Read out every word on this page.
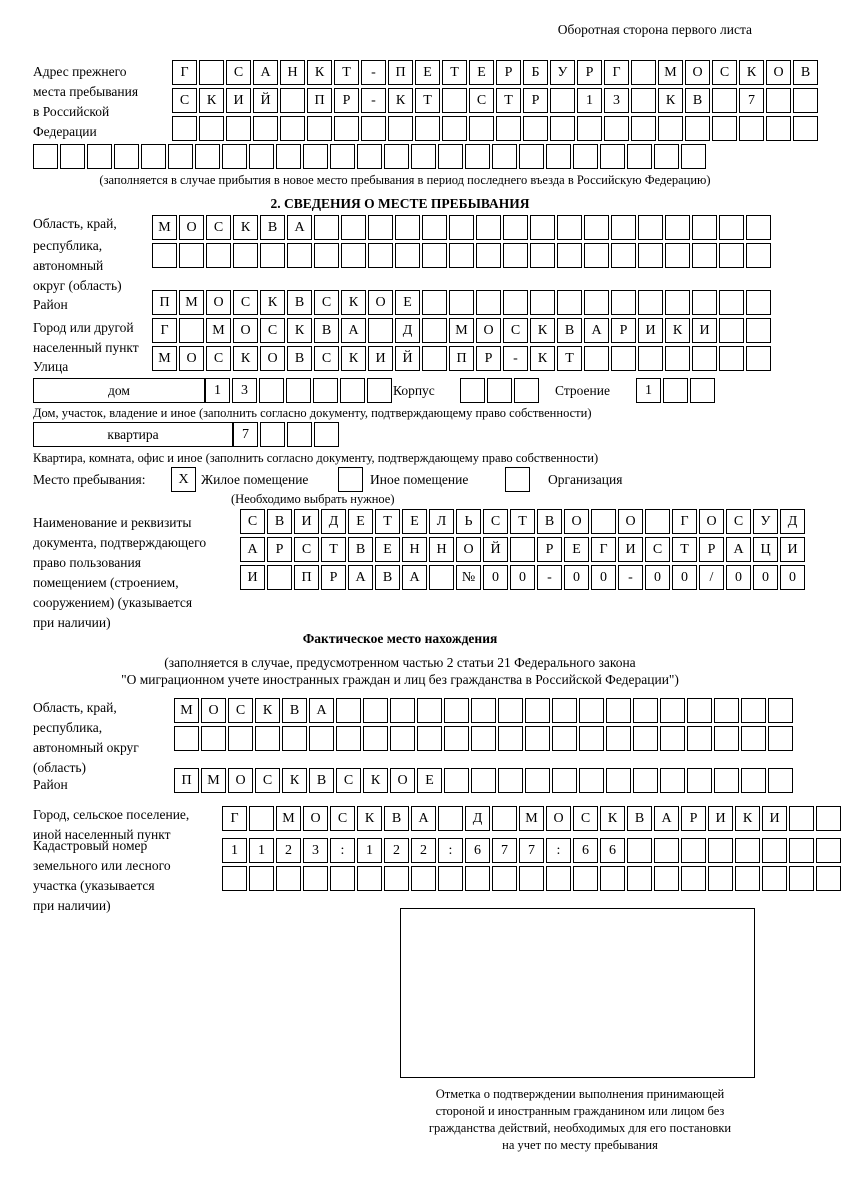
Оборотная сторона первого листа
Адрес прежнего
места пребывания
в Российской
Федерации
Г	С	А	Н	К	Т	-	П	Е	Т	Е	Р	Б	У	Р	Г	М	О	С	К	О	В
С	К	И	Й	П	Р	-	К	Т	С	Т	Р	1	3	К	В	7
(заполняется в случае прибытия в новое место пребывания в период последнего въезда в Российскую Федерацию)
2. СВЕДЕНИЯ О МЕСТЕ ПРЕБЫВАНИЯ
Область, край,
республика,
автономный
округ (область)
М	О	С	К	В	А
Район	П	М	О	С	К	В	С	К	О	Е
Город или другой
населенный пункт
Г	М	О	С	К	В	А	Д	М	О	С	К	В	А	Р	И	К	И
Улица
М	О	С	К	О	В	С	К	И	Й	П	Р	-	К	Т
дом	1	3	Корпус	Строение	1
Дом, участок, владение и иное (заполнить согласно документу, подтверждающему право собственности)
квартира	7
Квартира, комната, офис и иное (заполнить согласно документу, подтверждающему право собственности)
Место пребывания:	X Жилое помещение	Иное помещение	Организация
(Необходимо выбрать нужное)
Наименование и реквизиты
документа, подтверждающего
право пользования
помещением (строением,
сооружением) (указывается
при наличии)
С	В	И	Д	Е	Т	Е	Л	Ь	С	Т	В	О	О	Г	О	С	У	Д
А	Р	С	Т	В	Е	Н	Н	О	Й	Р	Е	Г	И	С	Т	Р	А	Ц	И
И	П	Р	А	В	А	№	0	0	-	0	0	-	0	0	/	0	0	0
Фактическое место нахождения
(заполняется в случае, предусмотренном частью 2 статьи 21 Федерального закона
"О миграционном учете иностранных граждан и лиц без гражданства в Российской Федерации")
Область, край,
республика,
автономный округ
(область)
М	О	С	К	В	А
Район	П	М	О	С	К	В	С	К	О	Е
Город, сельское поселение,
иной населенный пункт
Г	М	О	С	К	В	А	Д	М	О	С	К	В	А	Р	И	К	И
Кадастровый номер
земельного или лесного
участка (указывается
при наличии)
1	1	2	3	:	1	2	2	:	6	7	7	:	6	6
Отметка о подтверждении выполнения принимающей
стороной и иностранным гражданином или лицом без
гражданства действий, необходимых для его постановки
на учет по месту пребывания
